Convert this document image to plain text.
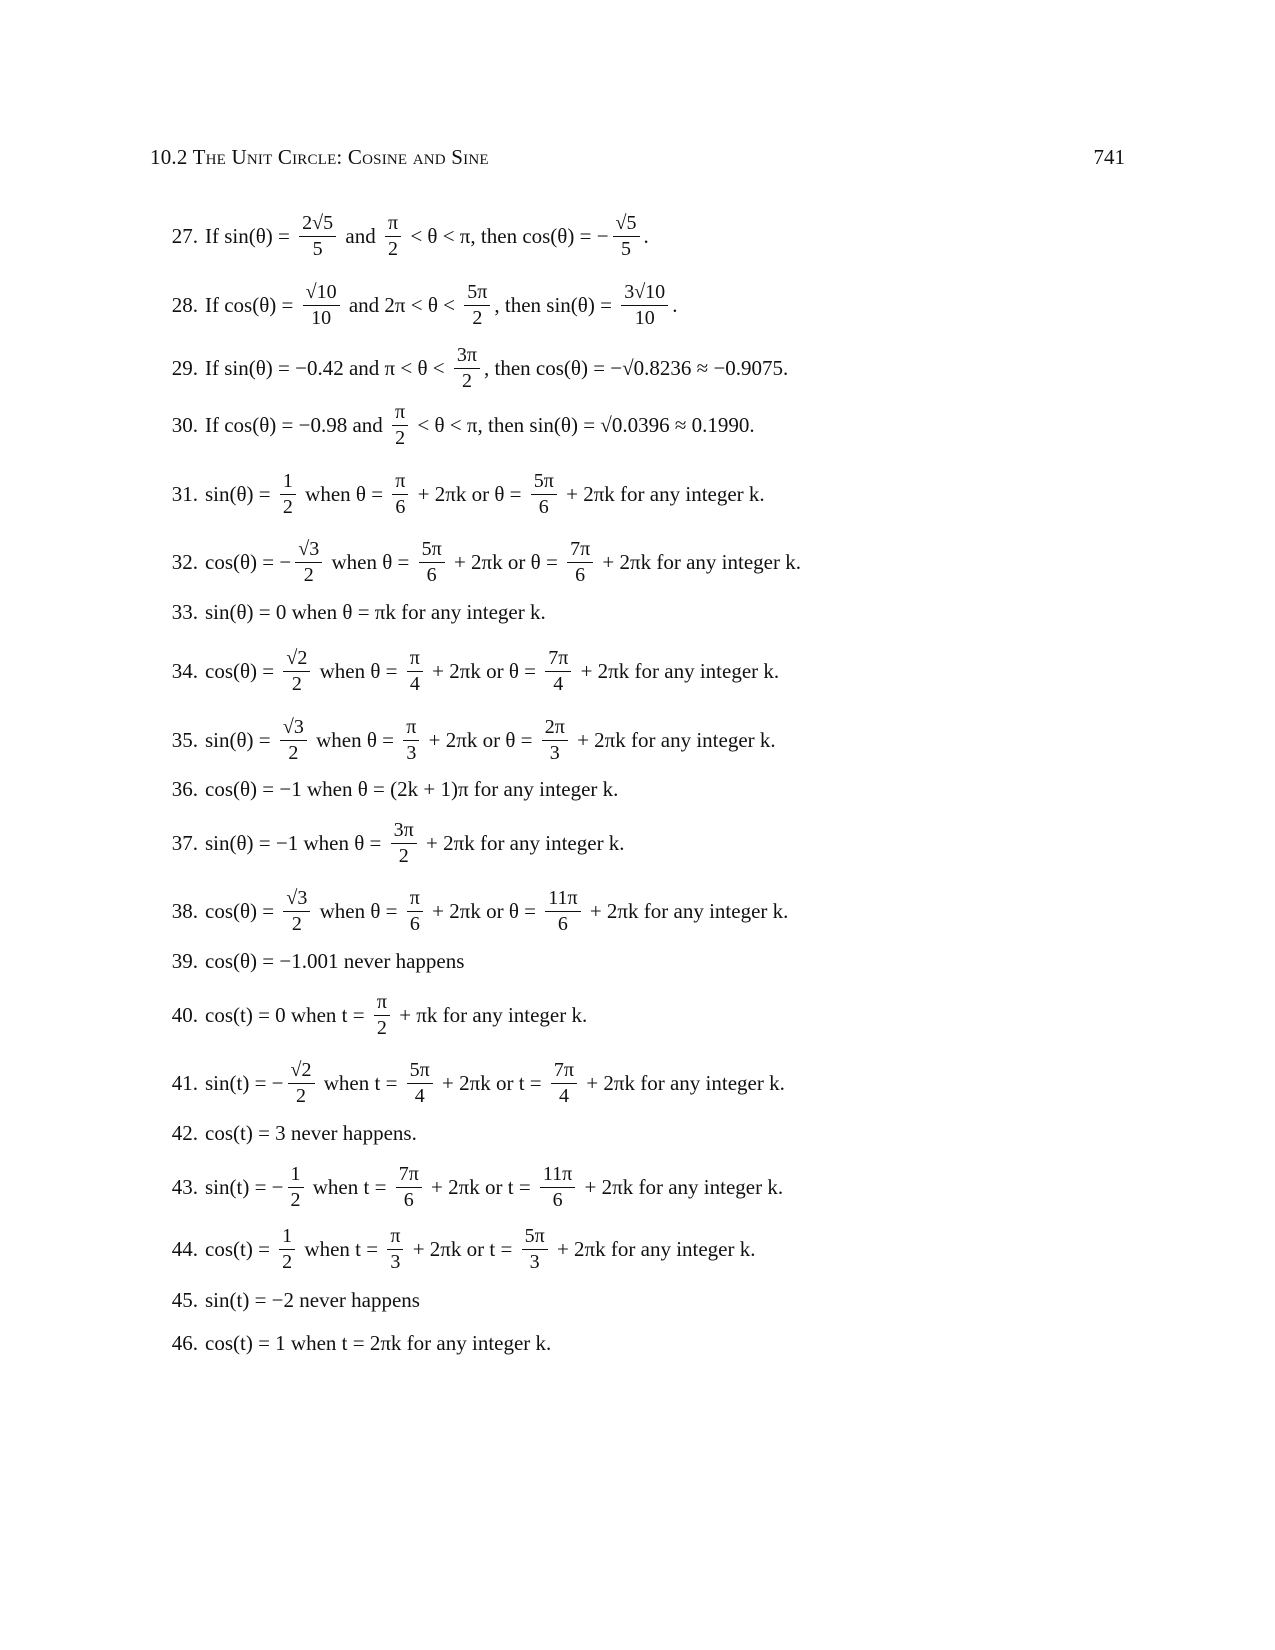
10.2 The Unit Circle: Cosine and Sine	741
27. If $\sin(\theta) = \frac{2√5}{5}$ and $\frac{\pi}{2} < \theta < \pi$, then cos(θ) = − $\frac{√5}{5}$ .
28. If $\cos(\theta) = \frac{√10}{10}$ and $2\pi < \theta < \frac{5\pi}{2}$ , then $\sin(\theta) = \frac{3√10}{10}$ .
29. If sin(θ) = −0.42 and $\pi < \theta < \frac{3\pi}{2}$ , then cos(θ) = −√0.8236 ≈ −0.9075.
30. If cos(θ) = −0.98 and $\frac{\pi}{2} < \theta < \pi$, then sin(θ) = √0.0396 ≈ 0.1990.
31. $\sin(\theta) = \frac{1}{2}$ when $\theta = \frac{\pi}{6} + 2\pi k$ or $\theta = \frac{5\pi}{6} + 2\pi k$ for any integer k.
32. cos(θ) = − $\frac{√3}{2}$ when $\theta = \frac{5\pi}{6} + 2\pi k$ or $\theta = \frac{7\pi}{6} + 2\pi k$ for any integer k.
33. sin(θ) = 0 when θ = πk for any integer k.
34. $\cos(\theta) = \frac{√2}{2}$ when $\theta = \frac{\pi}{4} + 2\pi k$ or $\theta = \frac{7\pi}{4} + 2\pi k$ for any integer k.
35. $\sin(\theta) = \frac{√3}{2}$ when $\theta = \frac{\pi}{3} + 2\pi k$ or $\theta = \frac{2\pi}{3} + 2\pi k$ for any integer k.
36. cos(θ) = −1 when θ = (2k + 1)π for any integer k.
37. sin(θ) = −1 when $\theta = \frac{3\pi}{2} + 2\pi k$ for any integer k.
38. $\cos(\theta) = \frac{√3}{2}$ when $\theta = \frac{\pi}{6} + 2\pi k$ or $\theta = \frac{11\pi}{6} + 2\pi k$ for any integer k.
39. cos(θ) = −1.001 never happens
40. cos(t) = 0 when $t = \frac{\pi}{2} + \pi k$ for any integer k.
41. sin(t) = − $\frac{√2}{2}$ when $t = \frac{5\pi}{4} + 2\pi k$ or $t = \frac{7\pi}{4} + 2\pi k$ for any integer k.
42. cos(t) = 3 never happens.
43. sin(t) = − $\frac{1}{2}$ when $t = \frac{7\pi}{6} + 2\pi k$ or $t = \frac{11\pi}{6} + 2\pi k$ for any integer k.
44. $\cos(t) = \frac{1}{2}$ when $t = \frac{\pi}{3} + 2\pi k$ or $t = \frac{5\pi}{3} + 2\pi k$ for any integer k.
45. sin(t) = −2 never happens
46. cos(t) = 1 when t = 2πk for any integer k.
